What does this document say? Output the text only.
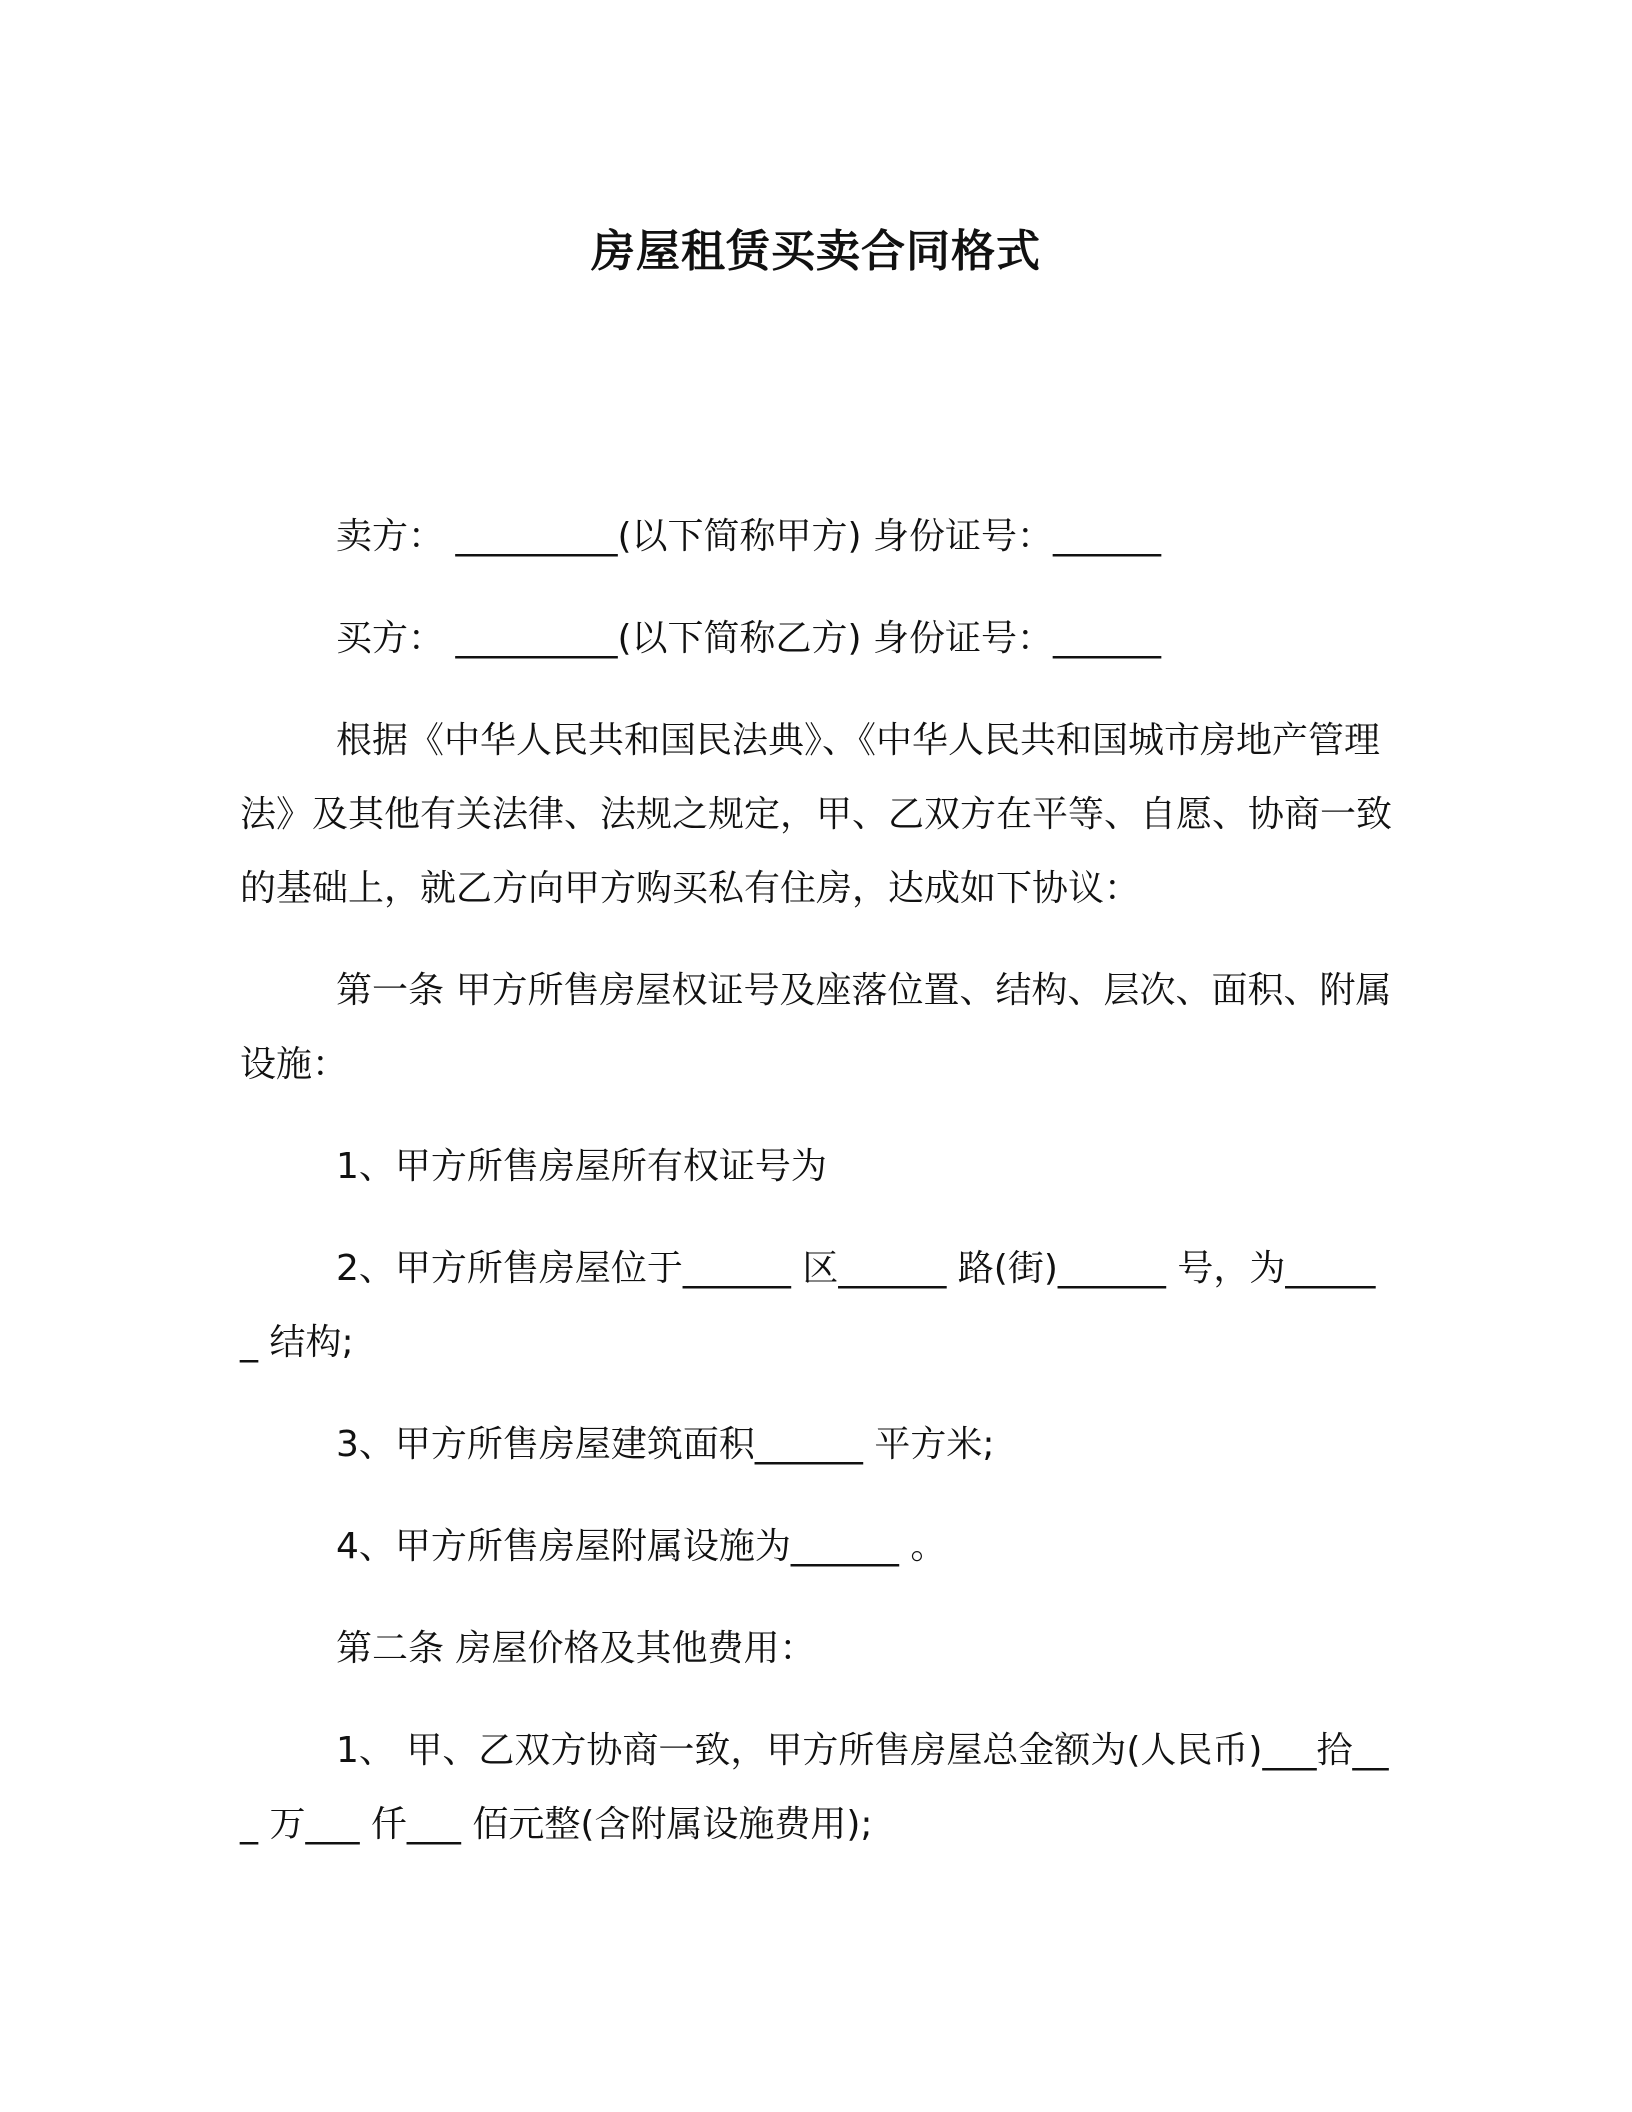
房屋租赁买卖合同格式

卖方： _________(以下简称甲方) 身份证号：______

买方： _________(以下简称乙方) 身份证号：______

根据《中华人民共和国民法典》、《中华人民共和国城市房地产管理法》及其他有关法律、法规之规定，甲、乙双方在平等、自愿、协商一致的基础上，就乙方向甲方购买私有住房，达成如下协议：

第一条 甲方所售房屋权证号及座落位置、结构、层次、面积、附属设施：

1、甲方所售房屋所有权证号为

2、甲方所售房屋位于______ 区______ 路(街)______ 号，为______ 结构;

3、甲方所售房屋建筑面积______ 平方米;

4、甲方所售房屋附属设施为______ 。

第二条 房屋价格及其他费用：

1、 甲、乙双方协商一致，甲方所售房屋总金额为(人民币)___拾___ 万___ 仟___ 佰元整(含附属设施费用);
